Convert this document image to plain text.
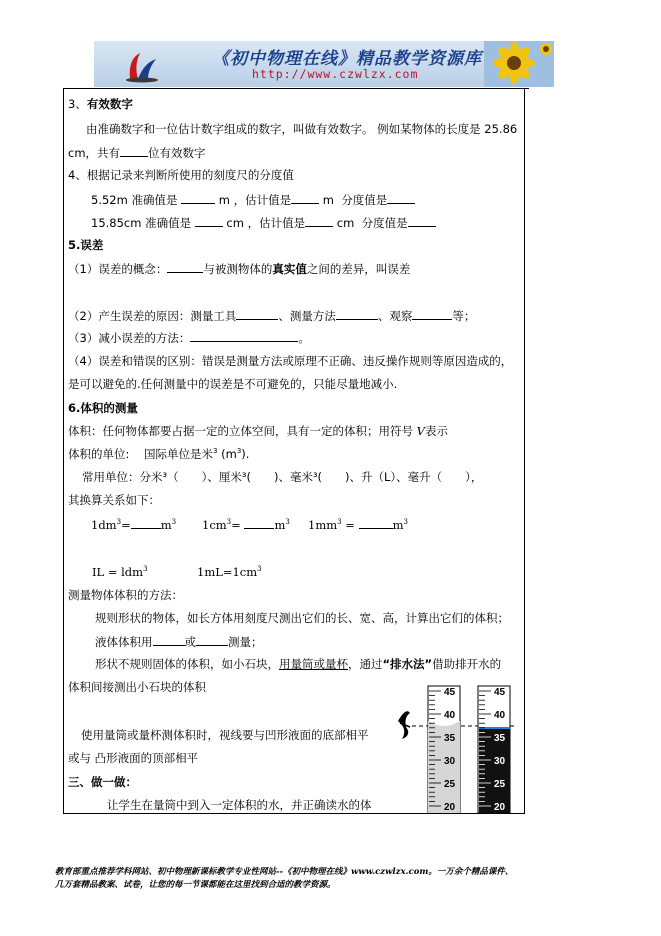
《初中物理在线》精品教学资源库
http://www.czwlzx.com
3、有效数字
由准确数字和一位估计数字组成的数字，叫做有效数字。 例如某物体的长度是 25.86
cm，共有 位有效数字
4、根据记录来判断所使用的刻度尺的分度值
5.52m 准确值是	m ，估计值是	m 分度值是
15.85cm 准确值是	cm ，估计值是	cm 分度值是
5.误差
（1）误差的概念：	与被测物体的真实值之间的差异，叫误差
（2）产生误差的原因：测量工具	、测量方法	、观察	等；
（3）减小误差的方法：	。
（4）误差和错误的区别：错误是测量方法或原理不正确、违反操作规则等原因造成的，
是可以避免的.任何测量中的误差是不可避免的，只能尽量地减小.
6.体积的测量
体积：任何物体都要占据一定的立体空间，具有一定的体积；用符号 V表示
体积的单位: 国际单位是米$^3$ $(m^3)$.
常用单位：分米³（　　）、厘米³(　　)、毫米³(　　)、升（L）、毫升（　　），
其换算关系如下：
$1dm^3=$	$m^3$ $1cm^3=$	$m^3$ $1mm^3$ =	$m^3$
IL = ldm$^3$	$1mL=1cm^3$
测量物体体积的方法：
规则形状的物体，如长方体用刻度尺测出它们的长、宽、高，计算出它们的体积；
液体体积用	或	测量；
形状不规则固体的体积，如小石块，用量筒或量杯，通过“排水法”借助排开水的
体积间接测出小石块的体积
使用量筒或量杯测体积时，视线要与凹形液面的底部相平
或与 凸形液面的顶部相平
三、做一做：
让学生在量筒中到入一定体积的水，并正确读水的体
45
40
35
30
25
20
45
40
35
30
25
20
教育部重点推荐学科网站、初中物理新课标教学专业性网站--《初中物理在线》www.czwlzx.com。一万余个精品课件、
几万套精品教案、试卷，让您的每一节课都能在这里找到合适的教学资源。
